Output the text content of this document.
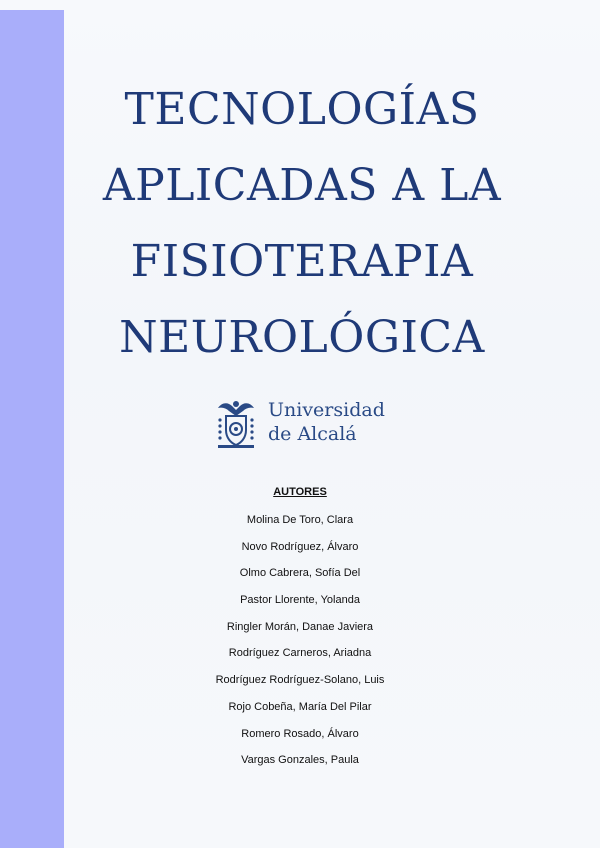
TECNOLOGÍAS
APLICADAS A LA
FISIOTERAPIA
NEUROLÓGICA
Universidad
de Alcalá
AUTORES
Molina De Toro, Clara
Novo Rodríguez, Álvaro
Olmo Cabrera, Sofía Del
Pastor Llorente, Yolanda
Ringler Morán, Danae Javiera
Rodríguez Carneros, Ariadna
Rodríguez Rodríguez-Solano, Luis
Rojo Cobeña, María Del Pilar
Romero Rosado, Álvaro
Vargas Gonzales, Paula
